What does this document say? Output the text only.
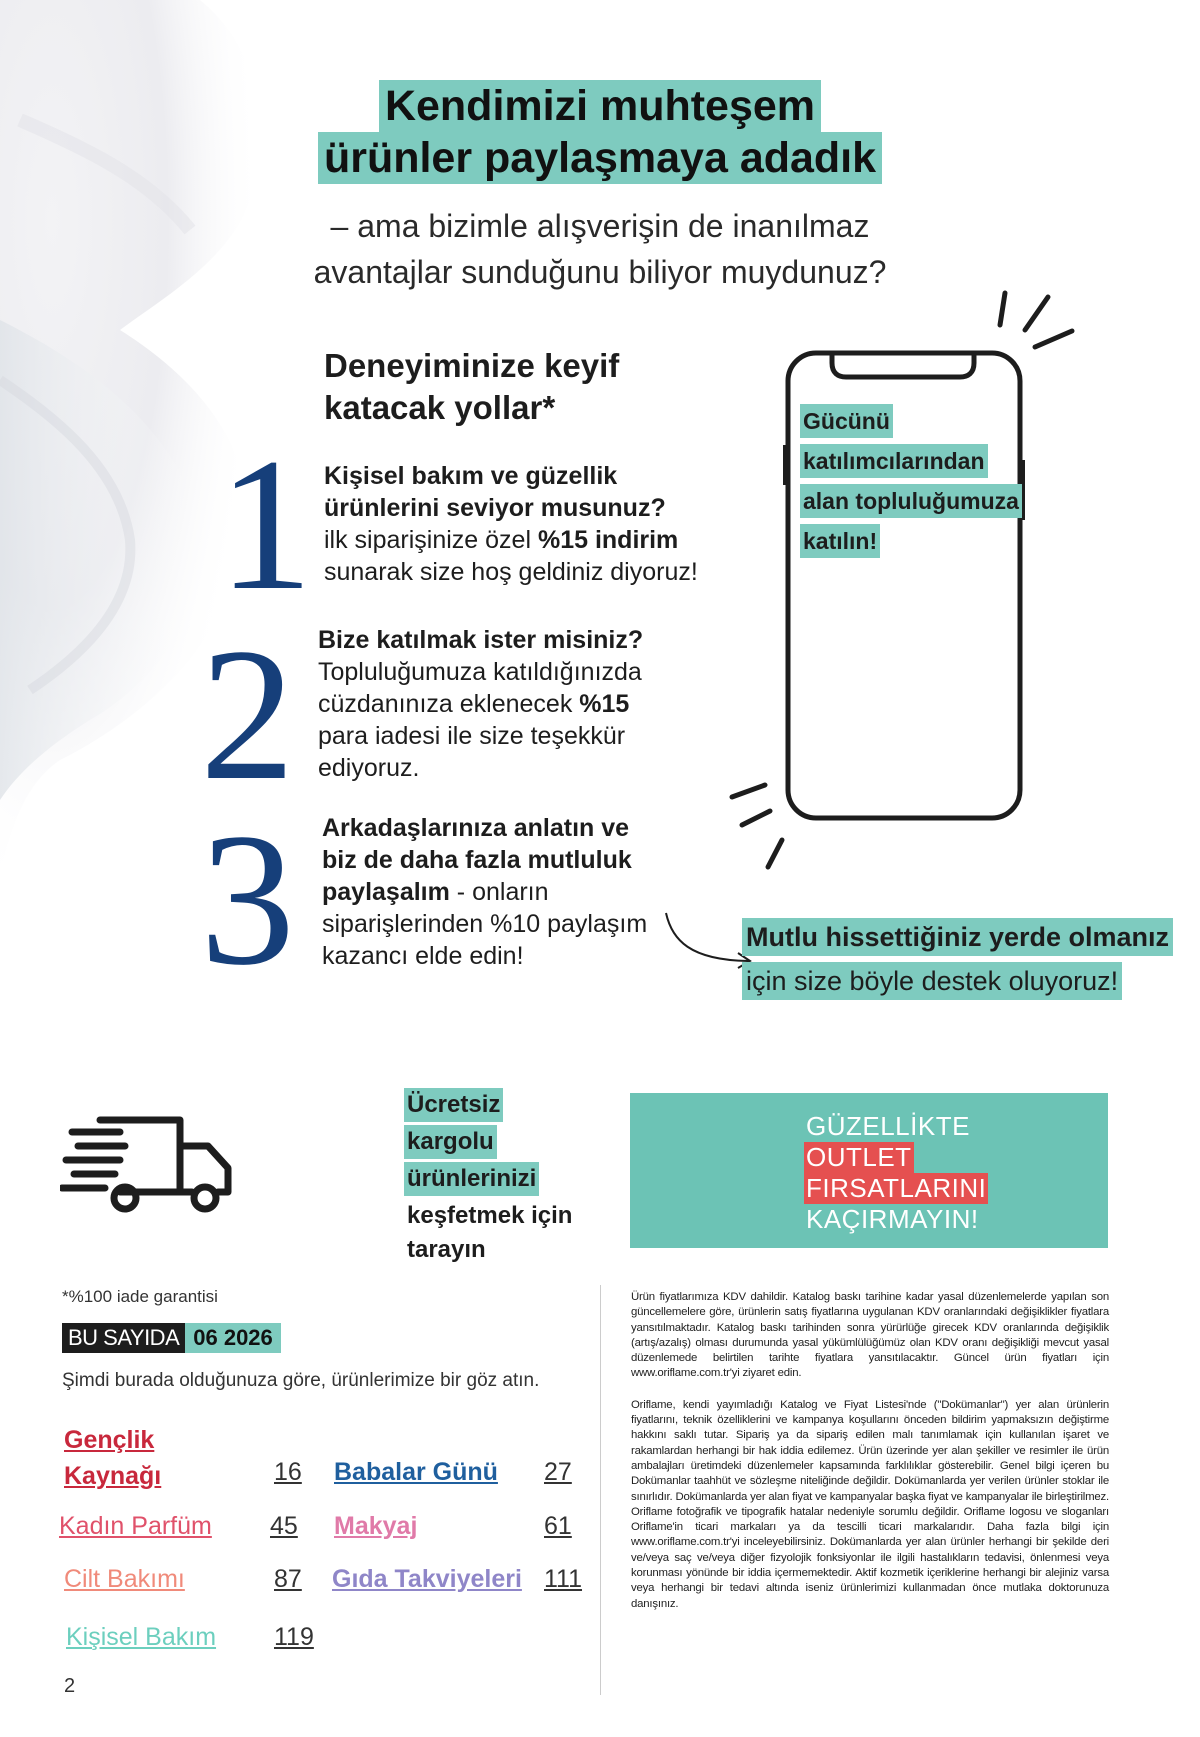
Kendimizi muhteşem
ürünler paylaşmaya adadık
– ama bizimle alışverişin de inanılmaz
avantajlar sunduğunu biliyor muydunuz?
Deneyiminize keyif
katacak yollar*
1 Kişisel bakım ve güzellik
ürünlerini seviyor musunuz?
ilk siparişinize özel %15 indirim
sunarak size hoş geldiniz diyoruz!
2 Bize katılmak ister misiniz?
Topluluğumuza katıldığınızda
cüzdanınıza eklenecek %15
para iadesi ile size teşekkür
ediyoruz.
3 Arkadaşlarınıza anlatın ve
biz de daha fazla mutluluk
paylaşalım - onların
siparişlerinden %10 paylaşım
kazancı elde edin!
Gücünü
katılımcılarından
alan topluluğumuza
katılın!
Mutlu hissettiğiniz yerde olmanız
için size böyle destek oluyoruz!
Ücretsiz
kargolu
ürünlerinizi
keşfetmek için
tarayın
GÜZELLİKTE
OUTLET
FIRSATLARINI
KAÇIRMAYIN!
*%100 iade garantisi
BU SAYIDA 06 2026
Şimdi burada olduğunuza göre, ürünlerimize bir göz atın.
Gençlik
Kaynağı	16 Babalar Günü 27
Kadın Parfüm 45 Makyaj	61
Cilt Bakımı	87 Gıda Takviyeleri 111
Kişisel Bakım 119
2

Ürün fiyatlarımıza KDV dahildir. Katalog baskı tarihine kadar yasal düzenlemelerde yapılan son güncellemelere göre, ürünlerin satış fiyatlarına uygulanan KDV oranlarındaki değişiklikler fiyatlara yansıtılmaktadır. Katalog baskı tarihinden sonra yürürlüğe girecek KDV oranlarında değişiklik (artış/azalış) olması durumunda yasal yükümlülüğümüz olan KDV oranı değişikliği mevcut yasal düzenlemede belirtilen tarihte fiyatlara yansıtılacaktır. Güncel ürün fiyatları için www.oriflame.com.tr'yi ziyaret edin.

Oriflame, kendi yayımladığı Katalog ve Fiyat Listesi'nde ("Dokümanlar") yer alan ürünlerin fiyatlarını, teknik özelliklerini ve kampanya koşullarını önceden bildirim yapmaksızın değiştirme hakkını saklı tutar. Sipariş ya da sipariş edilen malı tanımlamak için kullanılan işaret ve rakamlardan herhangi bir hak iddia edilemez. Ürün üzerinde yer alan şekiller ve resimler ile ürün ambalajları üretimdeki düzenlemeler kapsamında farklılıklar gösterebilir. Genel bilgi içeren bu Dokümanlar taahhüt ve sözleşme niteliğinde değildir. Dokümanlarda yer verilen ürünler stoklar ile sınırlıdır. Dokümanlarda yer alan fiyat ve kampanyalar başka fiyat ve kampanyalar ile birleştirilmez. Oriflame fotoğrafik ve tipografik hatalar nedeniyle sorumlu değildir. Oriflame logosu ve sloganları Oriflame'in ticari markaları ya da tescilli ticari markalarıdır. Daha fazla bilgi için www.oriflame.com.tr'yi inceleyebilirsiniz. Dokümanlarda yer alan ürünler herhangi bir şekilde deri ve/veya saç ve/veya diğer fizyolojik fonksiyonlar ile ilgili hastalıkların tedavisi, önlenmesi veya korunması yönünde bir iddia içermemektedir. Aktif kozmetik içeriklerine herhangi bir alejiniz varsa veya herhangi bir tedavi altında iseniz ürünlerimizi kullanmadan önce mutlaka doktorunuza danışınız.
